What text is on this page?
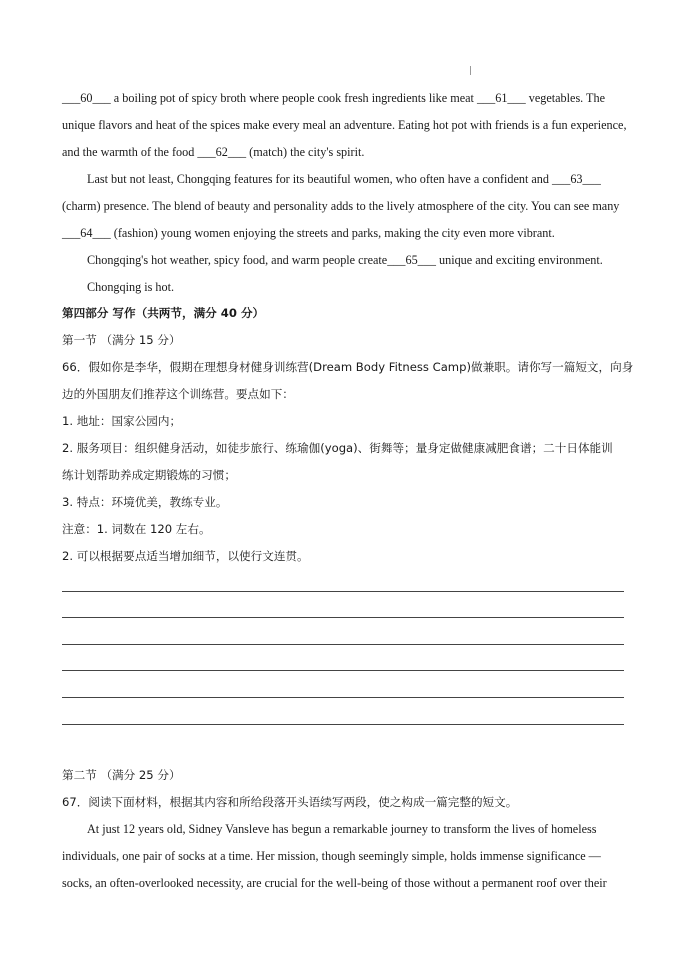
___60___ a boiling pot of spicy broth where people cook fresh ingredients like meat ___61___ vegetables. The
unique flavors and heat of the spices make every meal an adventure. Eating hot pot with friends is a fun experience,
and the warmth of the food ___62___ (match) the city's spirit.
Last but not least, Chongqing features for its beautiful women, who often have a confident and ___63___
(charm) presence. The blend of beauty and personality adds to the lively atmosphere of the city. You can see many
___64___ (fashion) young women enjoying the streets and parks, making the city even more vibrant.
Chongqing's hot weather, spicy food, and warm people create___65___ unique and exciting environment.
Chongqing is hot.
第四部分 写作（共两节，满分 40 分）
第一节 （满分 15 分）
66．假如你是李华，假期在理想身材健身训练营(Dream Body Fitness Camp)做兼职。请你写一篇短文，向身
边的外国朋友们推荐这个训练营。要点如下：
1. 地址：国家公园内；
2. 服务项目：组织健身活动，如徒步旅行、练瑜伽(yoga)、街舞等；量身定做健康减肥食谱；二十日体能训
练计划帮助养成定期锻炼的习惯；
3. 特点：环境优美，教练专业。
注意：1. 词数在 120 左右。
2. 可以根据要点适当增加细节，以使行文连贯。
第二节 （满分 25 分）
67．阅读下面材料，根据其内容和所给段落开头语续写两段，使之构成一篇完整的短文。
At just 12 years old, Sidney Vansleve has begun a remarkable journey to transform the lives of homeless
individuals, one pair of socks at a time. Her mission, though seemingly simple, holds immense significance —
socks, an often-overlooked necessity, are crucial for the well-being of those without a permanent roof over their
